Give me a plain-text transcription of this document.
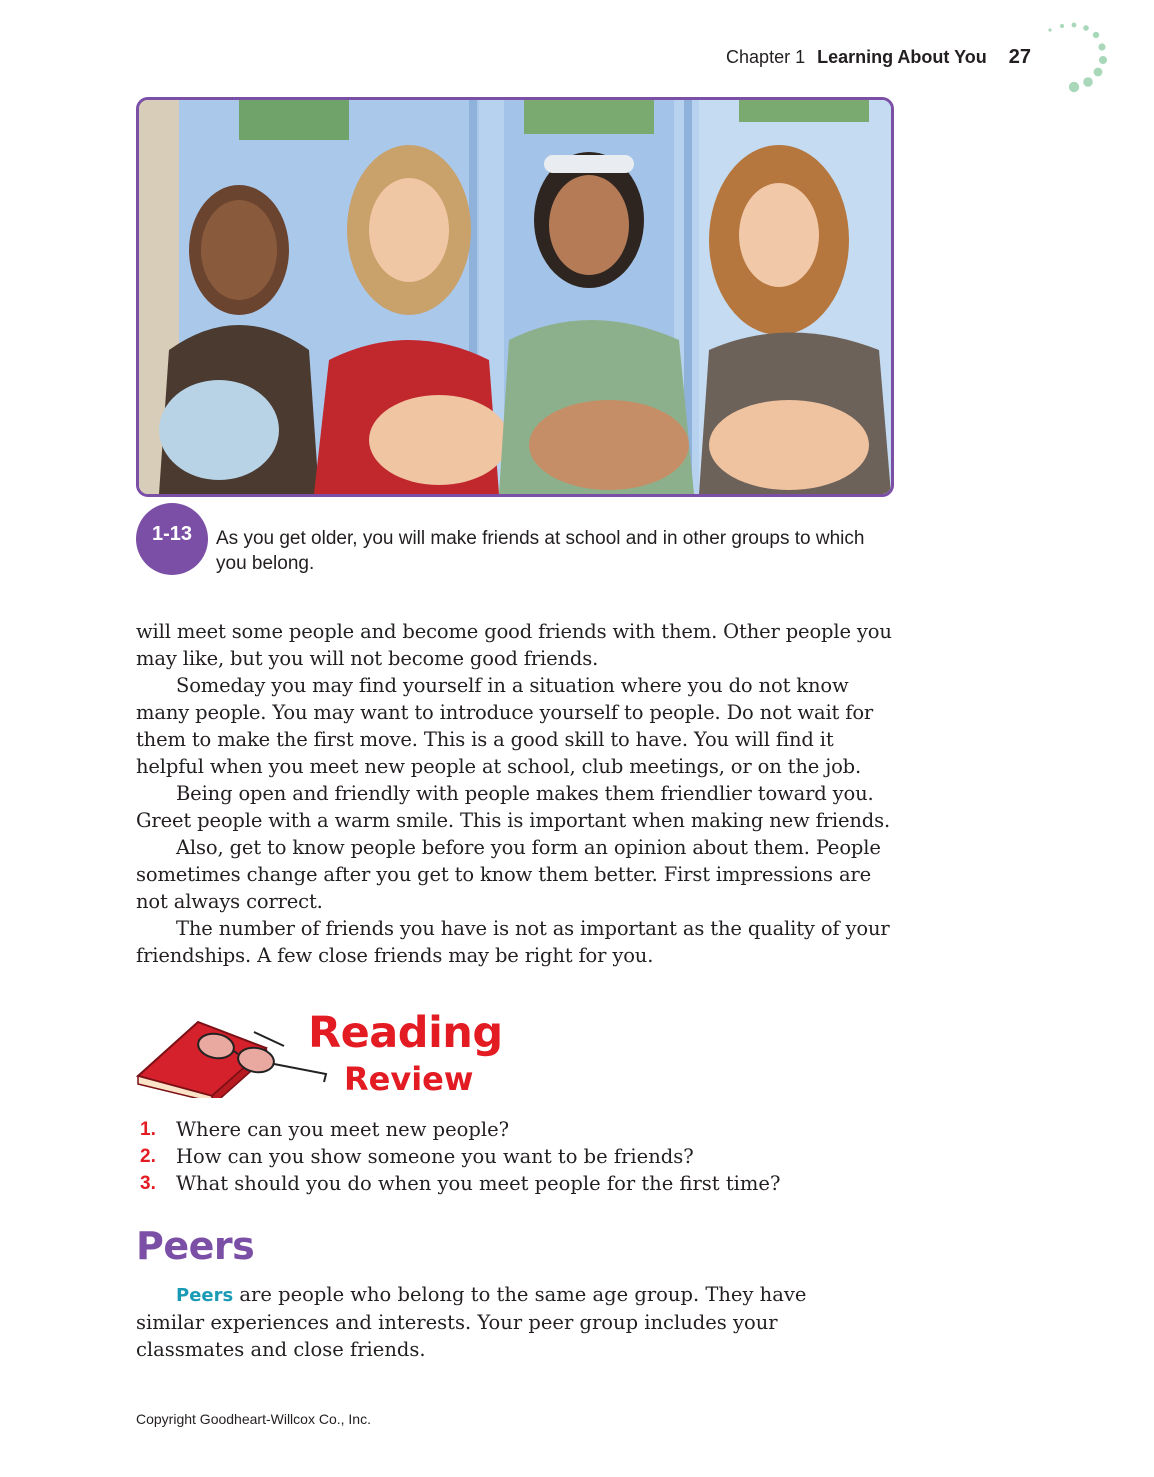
Chapter 1 Learning About You 27
1-13	As you get older, you will make friends at school and in other groups to which you belong.

will meet some people and become good friends with them. Other people you may like, but you will not become good friends.

Someday you may find yourself in a situation where you do not know many people. You may want to introduce yourself to people. Do not wait for them to make the first move. This is a good skill to have. You will find it helpful when you meet new people at school, club meetings, or on the job.

Being open and friendly with people makes them friendlier toward you. Greet people with a warm smile. This is important when making new friends.

Also, get to know people before you form an opinion about them. People sometimes change after you get to know them better. First impressions are not always correct.

The number of friends you have is not as important as the quality of your friendships. A few close friends may be right for you.

Reading
Review
1.	Where can you meet new people?
2.	How can you show someone you want to be friends?
3.	What should you do when you meet people for the first time?
Peers

Peers are people who belong to the same age group. They have similar experiences and interests. Your peer group includes your classmates and close friends.

Copyright Goodheart-Willcox Co., Inc.
